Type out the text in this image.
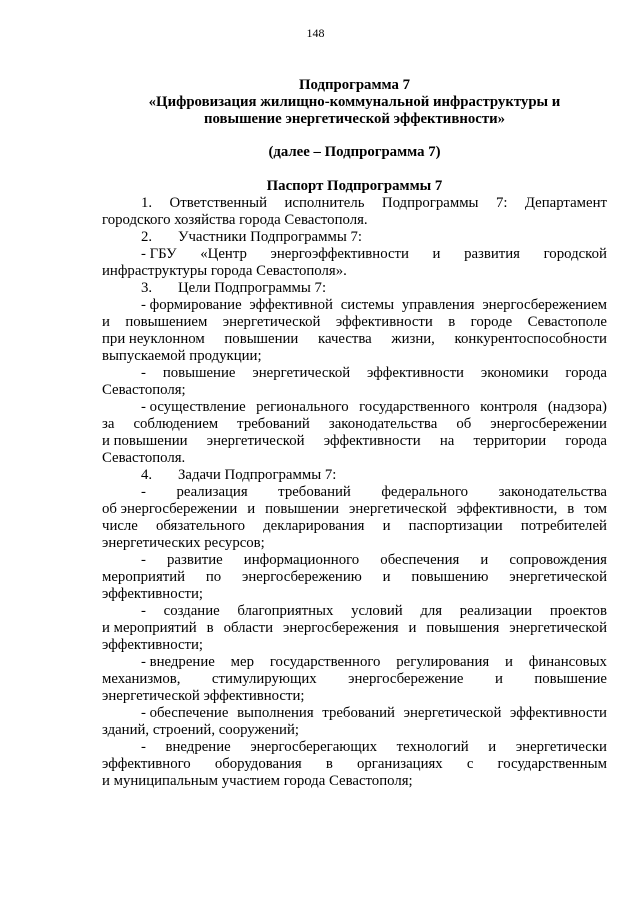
148
Подпрограмма 7
«Цифровизация жилищно-коммунальной инфраструктуры и
повышение энергетической эффективности»
(далее – Подпрограмма 7)
Паспорт Подпрограммы 7
1. Ответственный исполнитель Подпрограммы 7: Департамент
городского хозяйства города Севастополя.
2. Участники Подпрограммы 7:
- ГБУ «Центр энергоэффективности и развития городской
инфраструктуры города Севастополя».
3. Цели Подпрограммы 7:
- формирование эффективной системы управления энергосбережением
и повышением энергетической эффективности в городе Севастополе
при неуклонном повышении качества жизни, конкурентоспособности
выпускаемой продукции;
- повышение энергетической эффективности экономики города
Севастополя;
- осуществление регионального государственного контроля (надзора)
за соблюдением требований законодательства об энергосбережении
и повышении энергетической эффективности на территории города
Севастополя.
4. Задачи Подпрограммы 7:
- реализация требований федерального законодательства
об энергосбережении и повышении энергетической эффективности, в том
числе обязательного декларирования и паспортизации потребителей
энергетических ресурсов;
- развитие информационного обеспечения и сопровождения
мероприятий по энергосбережению и повышению энергетической
эффективности;
- создание благоприятных условий для реализации проектов
и мероприятий в области энергосбережения и повышения энергетической
эффективности;
- внедрение мер государственного регулирования и финансовых
механизмов, стимулирующих энергосбережение и повышение
энергетической эффективности;
- обеспечение выполнения требований энергетической эффективности
зданий, строений, сооружений;
- внедрение энергосберегающих технологий и энергетически
эффективного оборудования в организациях с государственным
и муниципальным участием города Севастополя;
